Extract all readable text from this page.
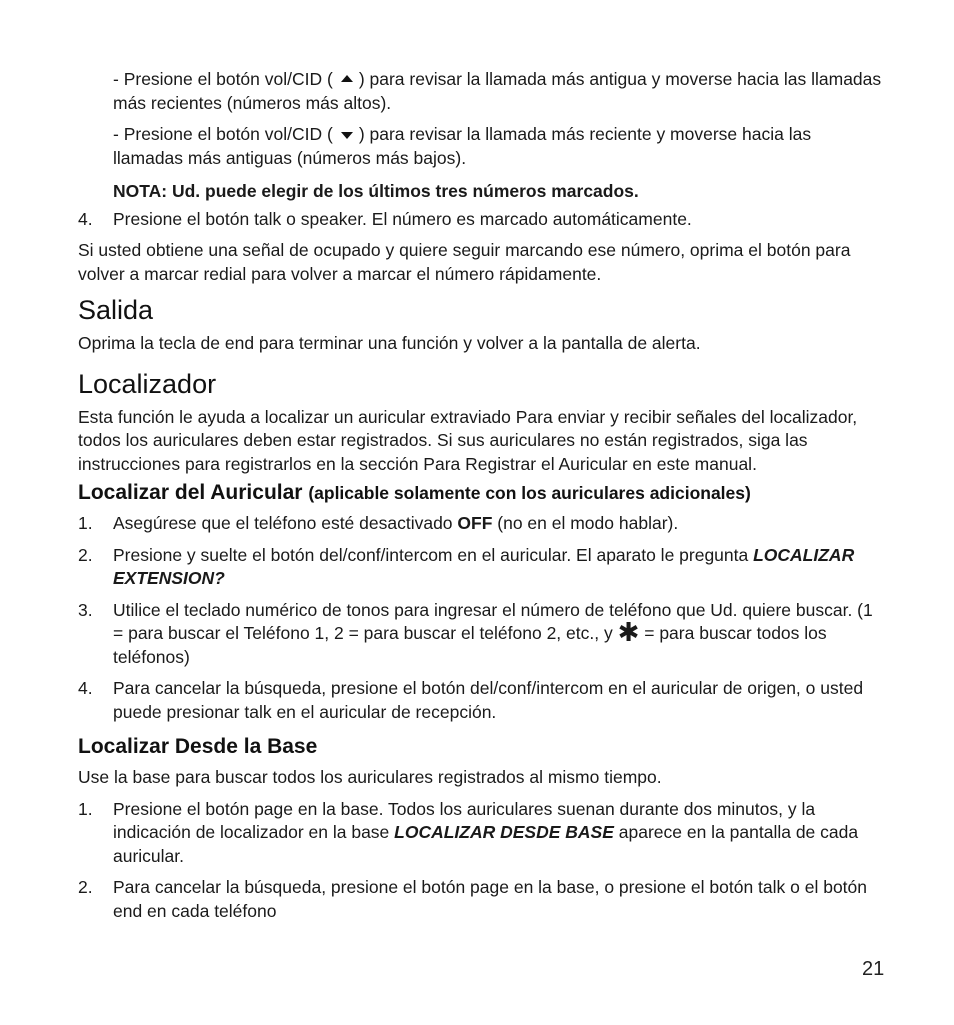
- Presione el botón vol/CID ( ) para revisar la llamada más antigua y moverse hacia las llamadas más recientes (números más altos).

- Presione el botón vol/CID ( ) para revisar la llamada más reciente y moverse hacia las llamadas más antiguas (números más bajos).

NOTA: Ud. puede elegir de los últimos tres números marcados.

4.	Presione el botón talk o speaker. El número es marcado automáticamente.

Si usted obtiene una señal de ocupado y quiere seguir marcando ese número, oprima el botón para volver a marcar redial para volver a marcar el número rápidamente.

Salida

Oprima la tecla de end para terminar una función y volver a la pantalla de alerta.

Localizador

Esta función le ayuda a localizar un auricular extraviado Para enviar y recibir señales del localizador, todos los auriculares deben estar registrados. Si sus auriculares no están registrados, siga las instrucciones para registrarlos en la sección Para Registrar el Auricular en este manual.

Localizar del Auricular (aplicable solamente con los auriculares adicionales)
1.	Asegúrese que el teléfono esté desactivado OFF (no en el modo hablar).
2.	Presione y suelte el botón del/conf/intercom en el auricular. El aparato le pregunta LOCALIZAR EXTENSION?
3.	Utilice el teclado numérico de tonos para ingresar el número de teléfono que Ud. quiere buscar. (1 = para buscar el Teléfono 1, 2 = para buscar el teléfono 2, etc., y ✱ = para buscar todos los teléfonos)
4.	Para cancelar la búsqueda, presione el botón del/conf/intercom en el auricular de origen, o usted puede presionar talk en el auricular de recepción.
Localizar Desde la Base

Use la base para buscar todos los auriculares registrados al mismo tiempo.

1.	Presione el botón page en la base. Todos los auriculares suenan durante dos minutos, y la indicación de localizador en la base LOCALIZAR DESDE BASE aparece en la pantalla de cada auricular.
2.	Para cancelar la búsqueda, presione el botón page en la base, o presione el botón talk o el botón end en cada teléfono
21
